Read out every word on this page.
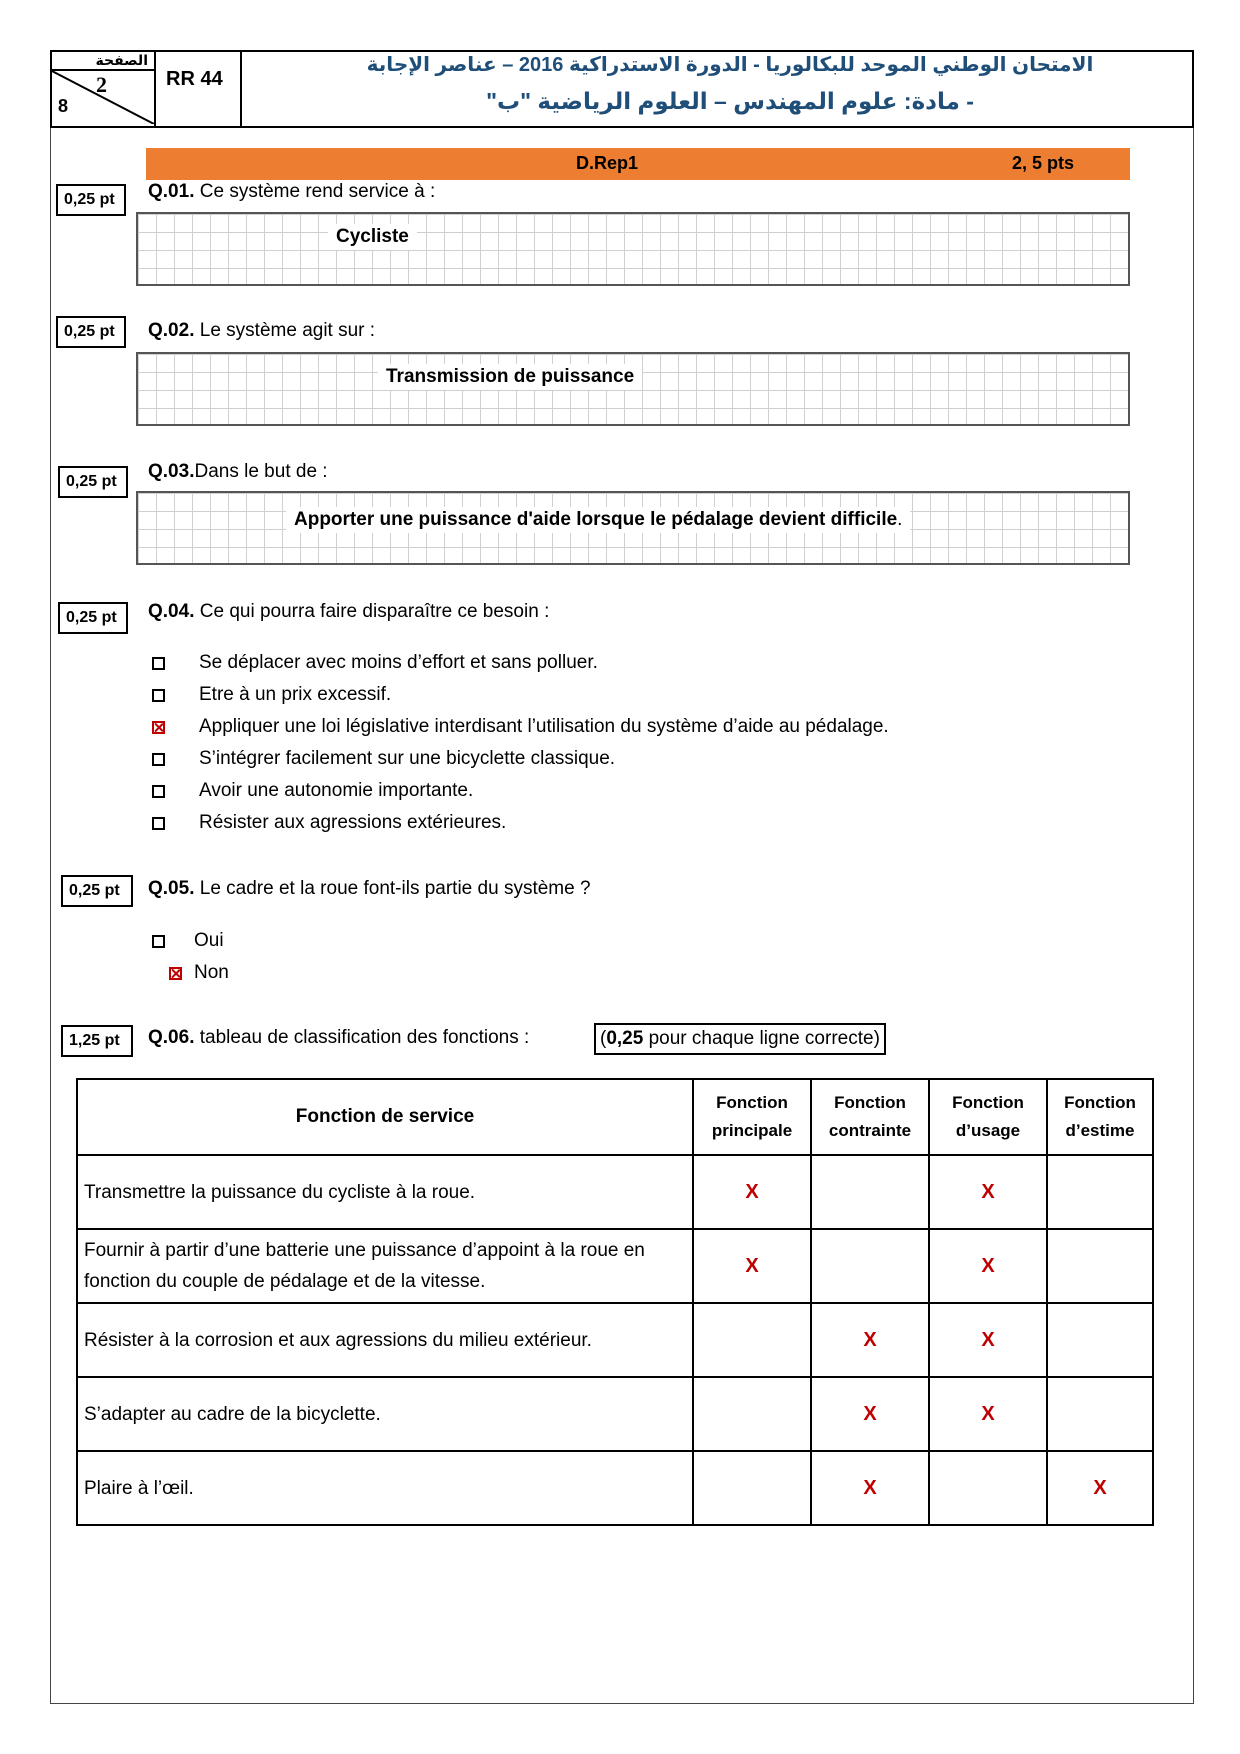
الصفحة
2
8
RR 44
الامتحان الوطني الموحد للبكالوريا - الدورة الاستدراكية 2016 – عناصر الإجابة
- مادة: علوم المهندس – العلوم الرياضية "ب"
D.Rep1	2, 5 pts
0,25 pt	Q.01. Ce système rend service à :
Cycliste
0,25 pt	Q.02. Le système agit sur :
Transmission de puissance
0,25 pt	Q.03.Dans le but de :
Apporter une puissance d'aide lorsque le pédalage devient difficile.
0,25 pt	Q.04. Ce qui pourra faire disparaître ce besoin :
Se déplacer avec moins d’effort et sans polluer.
Etre à un prix excessif.

Appliquer une loi législative interdisant l’utilisation du système d’aide au pédalage.
S’intégrer facilement sur une bicyclette classique.
Avoir une autonomie importante.
Résister aux agressions extérieures.
0,25 pt	Q.05. Le cadre et la roue font-ils partie du système ?
Oui
Non
1,25 pt	Q.06. tableau de classification des fonctions :	(0,25 pour chaque ligne correcte)
Fonction de service	Fonction principale	Fonction contrainte	Fonction d’usage	Fonction d’estime
Transmettre la puissance du cycliste à la roue.	X		X	
Fournir à partir d’une batterie une puissance d’appoint à la roue en fonction du couple de pédalage et de la vitesse.	X		X	
Résister à la corrosion et aux agressions du milieu extérieur.		X	X	
S’adapter au cadre de la bicyclette.		X	X	
Plaire à l’œil.		X		X
